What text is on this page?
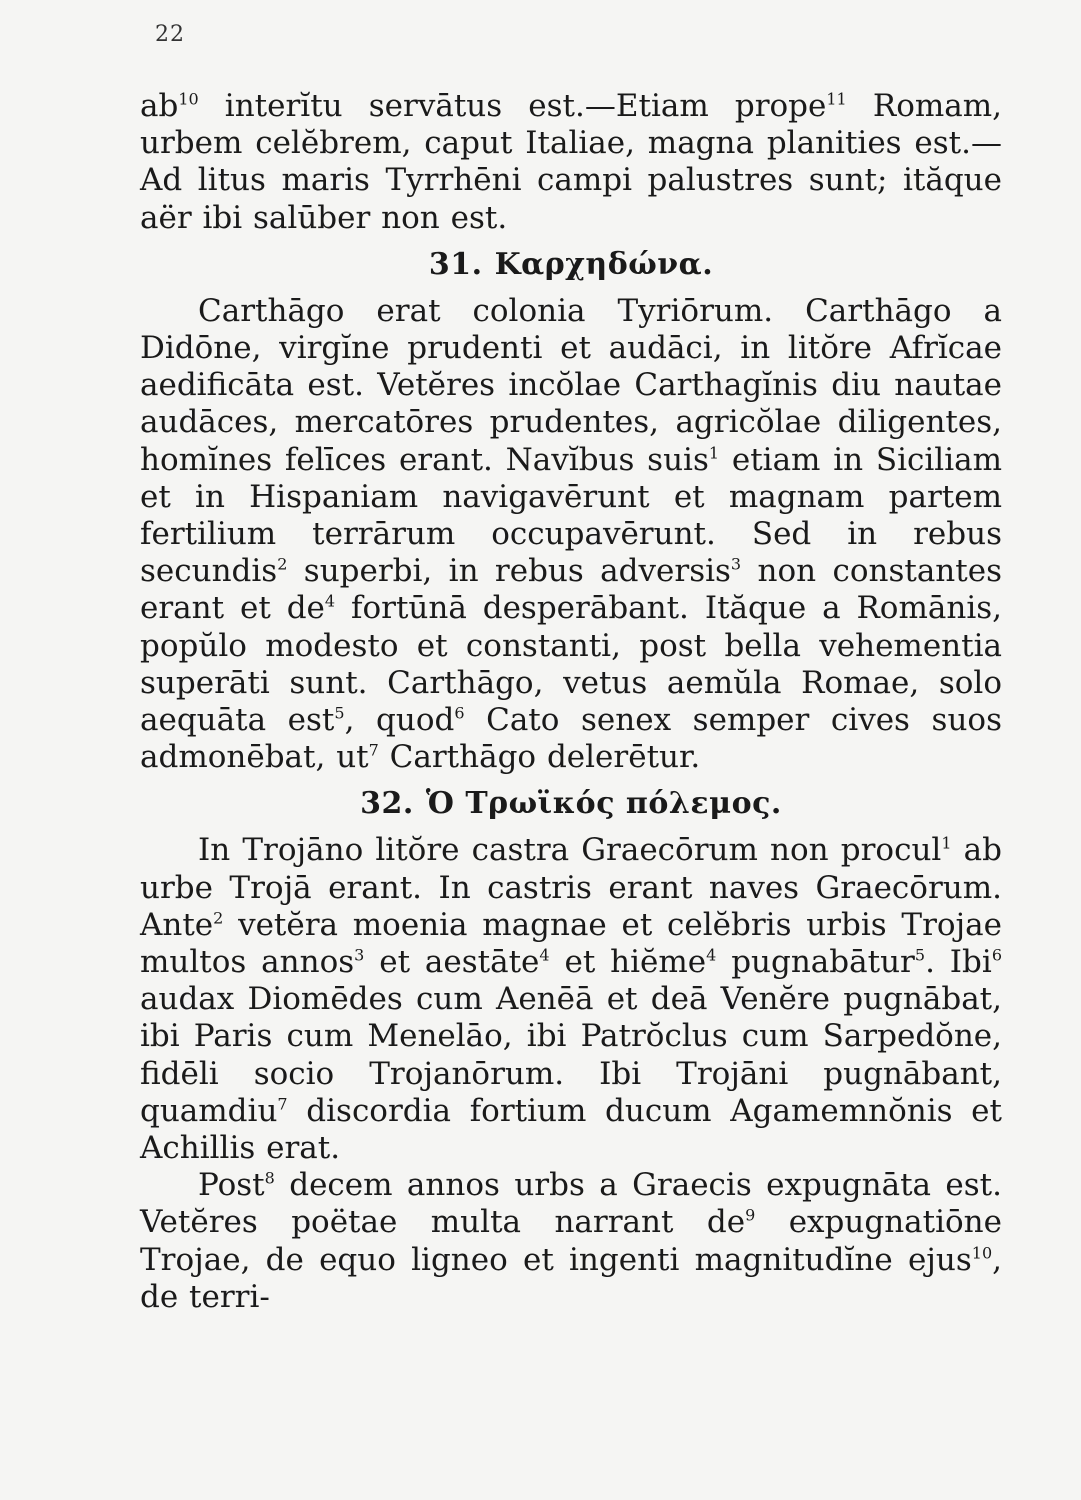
22

$ab^{10}$ interĭtu servātus est.—Etiam prope$^{11}$ Romam, urbem celĕbrem, caput Italiae, magna planities est.—Ad litus maris Tyrrhēni campi palustres sunt; ităque aër ibi salūber non est.

31. Καρχηδώνα.

Carthāgo erat colonia Tyriōrum. Carthāgo a Didōne, virgĭne prudenti et audāci, in litŏre Afrĭcae aedificāta est. Vetĕres incŏlae Carthagĭnis diu nautae audāces, mercatōres prudentes, agricŏlae diligentes, homĭnes felīces erant. Navĭbus suis$^1$ etiam in Siciliam et in Hispaniam navigavērunt et magnam partem fertilium terrārum occupavērunt. Sed in rebus secundis$^2$ superbi, in rebus adversis$^3$ non constantes erant et $de^4$ fortūnā desperābant. Ităque a Romānis, popŭlo modesto et constanti, post bella vehementia superāti sunt. Carthāgo, vetus aemŭla Romae, solo aequāta est$^5$, quod$^6$ Cato senex semper cives suos admonēbat, $ut^7$ Carthāgo delerētur.

32. Ὁ Τρωϊκός πόλεμος.

In Trojāno litŏre castra Graecōrum non procul$^1$ ab urbe Trojā erant. In castris erant naves Graecōrum. Ante$^2$ vetĕra moenia magnae et celĕbris urbis Trojae multos annos$^3$ et aestāte$^4$ et hiĕme$^4$ pugnabātur$^5$. Ibi$^6$ audax Diomēdes cum Aenēā et deā Venĕre pugnābat, ibi Paris cum Menelāo, ibi Patrŏclus cum Sarpedŏne, fidēli socio Trojanōrum. Ibi Trojāni pugnābant, quamdiu$^7$ discordia fortium ducum Agamemnŏnis et Achillis erat.

Post$^8$ decem annos urbs a Graecis expugnāta est. Vetĕres poëtae multa narrant $de^9$ expugnatiōne Trojae, de equo ligneo et ingenti magnitudĭne ejus$^{10}$, de terri-
